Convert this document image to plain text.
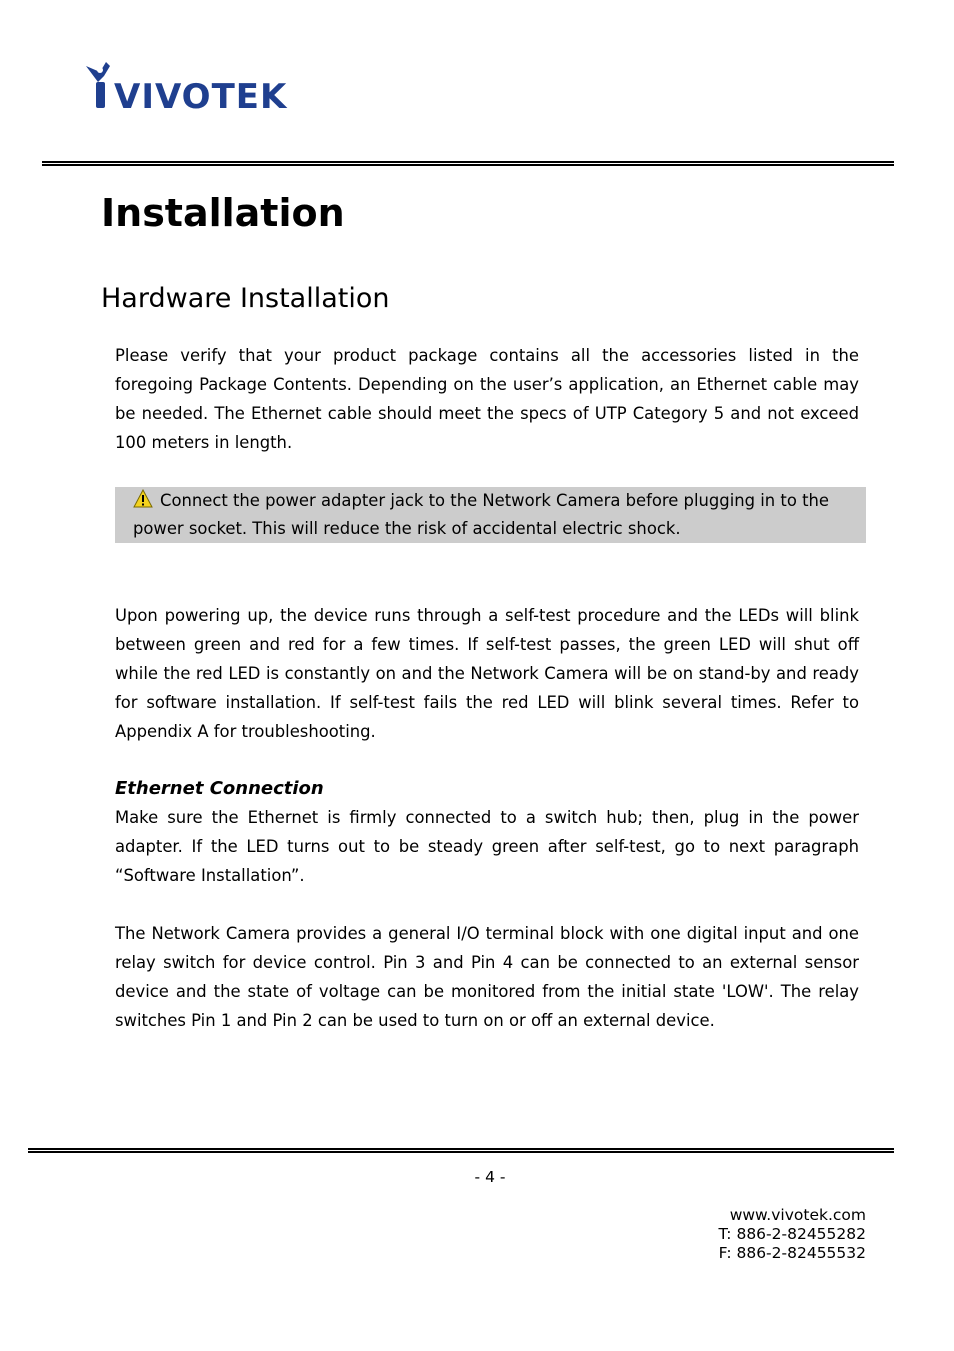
VIVOTEK
Installation
Hardware Installation

Please verify that your product package contains all the accessories listed in the foregoing Package Contents. Depending on the user’s application, an Ethernet cable may be needed. The Ethernet cable should meet the specs of UTP Category 5 and not exceed 100 meters in length.

Connect the power adapter jack to the Network Camera before plugging in to the
power socket. This will reduce the risk of accidental electric shock.

Upon powering up, the device runs through a self-test procedure and the LEDs will blink between green and red for a few times. If self-test passes, the green LED will shut off while the red LED is constantly on and the Network Camera will be on stand-by and ready for software installation. If self-test fails the red LED will blink several times. Refer to Appendix A for troubleshooting.

Ethernet Connection

Make sure the Ethernet is firmly connected to a switch hub; then, plug in the power adapter. If the LED turns out to be steady green after self-test, go to next paragraph “Software Installation”.

The Network Camera provides a general I/O terminal block with one digital input and one relay switch for device control. Pin 3 and Pin 4 can be connected to an external sensor device and the state of voltage can be monitored from the initial state 'LOW'. The relay switches Pin 1 and Pin 2 can be used to turn on or off an external device.

- 4 -
www.vivotek.com
T: 886-2-82455282
F: 886-2-82455532
